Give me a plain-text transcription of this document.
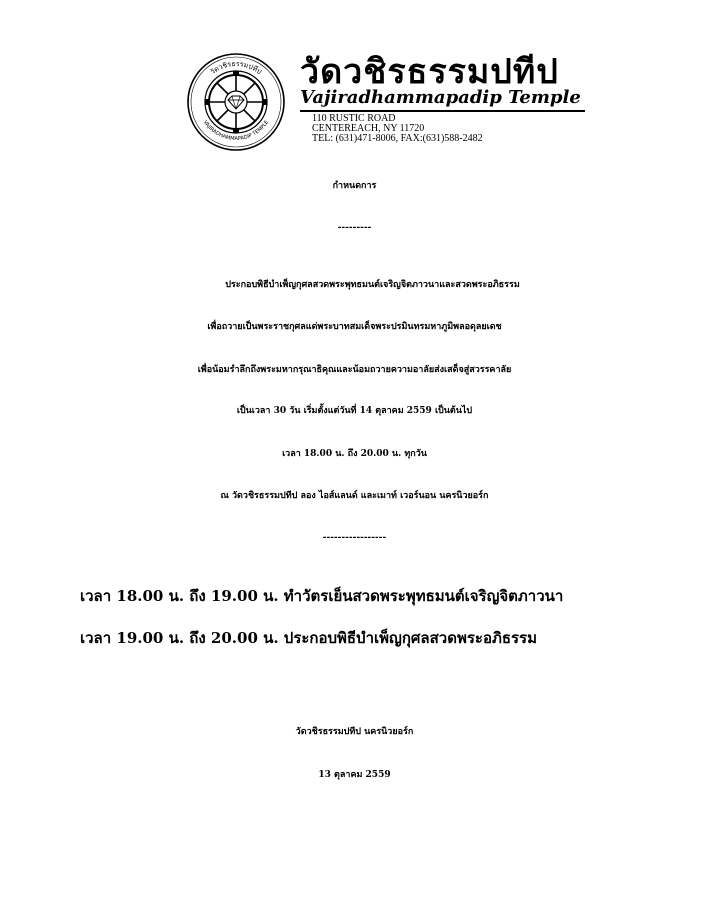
วัดวชิรธรรมปทีป
VAJIRADHAMMAPADIP TEMPLE
วัดวชิรธรรมปทีป
Vajiradhammapadip Temple
110 RUSTIC ROAD
CENTEREACH, NY 11720
TEL: (631)471-8006, FAX:(631)588-2482
กำหนดการ
---------
ประกอบพิธีบำเพ็ญกุศลสวดพระพุทธมนต์เจริญจิตภาวนาและสวดพระอภิธรรม
เพื่อถวายเป็นพระราชกุศลแด่พระบาทสมเด็จพระปรมินทรมหาภูมิพลอดุลยเดช
เพื่อน้อมรำลึกถึงพระมหากรุณาธิคุณและน้อมถวายความอาลัยส่งเสด็จสู่สวรรคาลัย
เป็นเวลา 30 วัน เริ่มตั้งแต่วันที่ 14 ตุลาคม 2559 เป็นต้นไป
เวลา 18.00 น. ถึง 20.00 น. ทุกวัน
ณ วัดวชิรธรรมปทีป ลอง ไอส์แลนด์ และเมาท์ เวอร์นอน นครนิวยอร์ก
-----------------
เวลา 18.00 น. ถึง 19.00 น. ทำวัตรเย็นสวดพระพุทธมนต์เจริญจิตภาวนา
เวลา 19.00 น. ถึง 20.00 น. ประกอบพิธีบำเพ็ญกุศลสวดพระอภิธรรม
วัดวชิรธรรมปทีป นครนิวยอร์ก
13 ตุลาคม 2559
